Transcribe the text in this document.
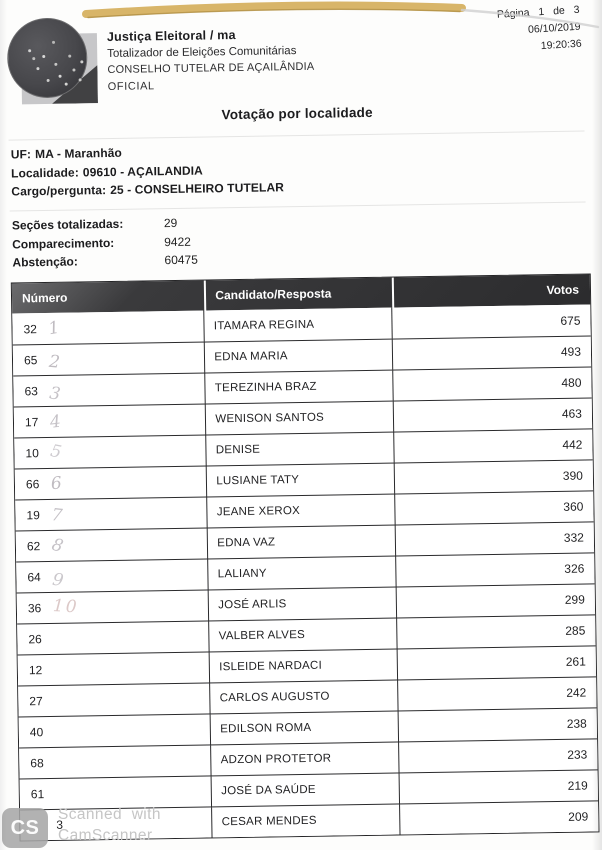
Justiça Eleitoral / ma
Totalizador de Eleições Comunitárias
CONSELHO TUTELAR DE AÇAILÂNDIA
OFICIAL
Página 1 de 3
06/10/2019
19:20:36
Votação por localidade
UF: MA - Maranhão
Localidade: 09610 - AÇAILANDIA
Cargo/pergunta: 25 - CONSELHEIRO TUTELAR
Seções totalizadas:	29
Comparecimento:	9422
Abstenção:	60475
Número	Candidato/Resposta	Votos
32 1	ITAMARA REGINA	675
65 2	EDNA MARIA	493
63 3	TEREZINHA BRAZ	480
17 4	WENISON SANTOS	463
10 5	DENISE	442
66 6	LUSIANE TATY	390
19 7	JEANE XEROX	360
62 8	EDNA VAZ	332
64 9	LALIANY	326
36 10	JOSÉ ARLIS	299
26	VALBER ALVES	285
12	ISLEIDE NARDACI	261
27	CARLOS AUGUSTO	242
40	EDILSON ROMA	238
68	ADZON PROTETOR	233
61	JOSÉ DA SAÚDE	219
3	CESAR MENDES	209
CS
Scanned with
CamScanner
